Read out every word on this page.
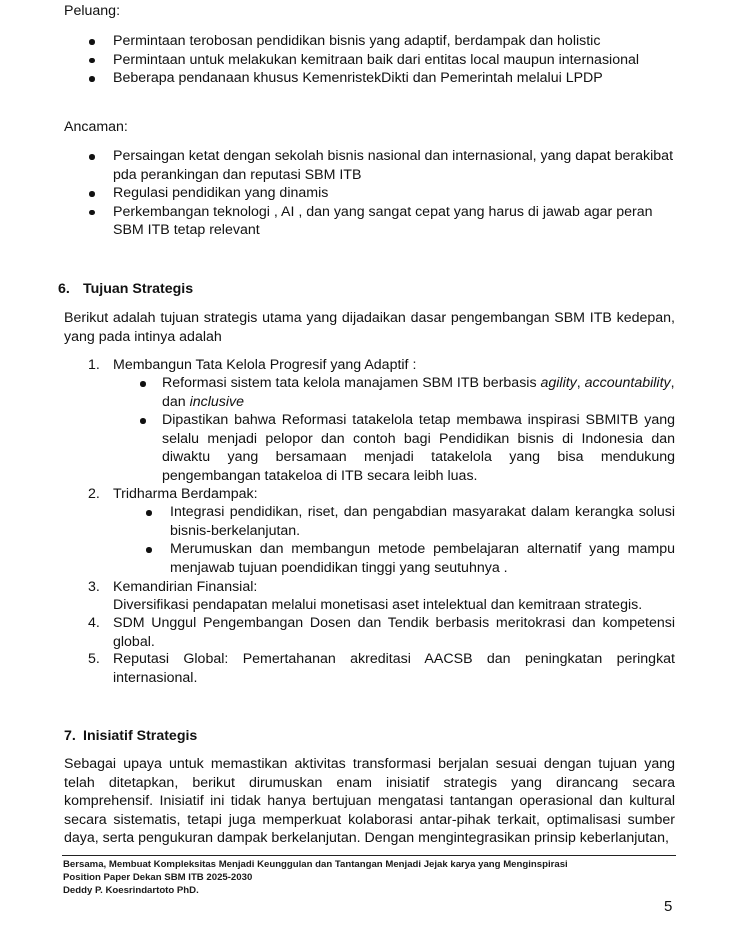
Peluang:
Permintaan terobosan pendidikan bisnis yang adaptif, berdampak dan holistic
Permintaan untuk melakukan kemitraan baik dari entitas local maupun internasional
Beberapa pendanaan khusus KemenristekDikti dan Pemerintah melalui LPDP
Ancaman:
Persaingan ketat dengan sekolah bisnis nasional dan internasional, yang dapat berakibat pda perankingan dan reputasi SBM ITB
Regulasi pendidikan yang dinamis
Perkembangan teknologi , AI , dan yang sangat cepat yang harus di jawab agar peran SBM ITB tetap relevant
6. Tujuan Strategis
Berikut adalah tujuan strategis utama yang dijadaikan dasar pengembangan SBM ITB kedepan, yang pada intinya adalah
1. Membangun Tata Kelola Progresif yang Adaptif :
Reformasi sistem tata kelola manajamen SBM ITB berbasis agility, accountability, dan inclusive
Dipastikan bahwa Reformasi tatakelola tetap membawa inspirasi SBMITB yang selalu menjadi pelopor dan contoh bagi Pendidikan bisnis di Indonesia dan diwaktu yang bersamaan menjadi tatakelola yang bisa mendukung pengembangan tatakeloa di ITB secara leibh luas.
2. Tridharma Berdampak:
Integrasi pendidikan, riset, dan pengabdian masyarakat dalam kerangka solusi bisnis-berkelanjutan.
Merumuskan dan membangun metode pembelajaran alternatif yang mampu menjawab tujuan poendidikan tinggi yang seutuhnya .
3. Kemandirian Finansial:
Diversifikasi pendapatan melalui monetisasi aset intelektual dan kemitraan strategis.
4. SDM Unggul Pengembangan Dosen dan Tendik berbasis meritokrasi dan kompetensi global.
5. Reputasi Global: Pemertahanan akreditasi AACSB dan peningkatan peringkat internasional.
7. Inisiatif Strategis
Sebagai upaya untuk memastikan aktivitas transformasi berjalan sesuai dengan tujuan yang telah ditetapkan, berikut dirumuskan enam inisiatif strategis yang dirancang secara komprehensif. Inisiatif ini tidak hanya bertujuan mengatasi tantangan operasional dan kultural secara sistematis, tetapi juga memperkuat kolaborasi antar-pihak terkait, optimalisasi sumber daya, serta pengukuran dampak berkelanjutan. Dengan mengintegrasikan prinsip keberlanjutan,
Bersama, Membuat Kompleksitas Menjadi Keunggulan dan Tantangan Menjadi Jejak karya yang Menginspirasi
Position Paper Dekan SBM ITB 2025-2030
Deddy P. Koesrindartoto PhD.
5
